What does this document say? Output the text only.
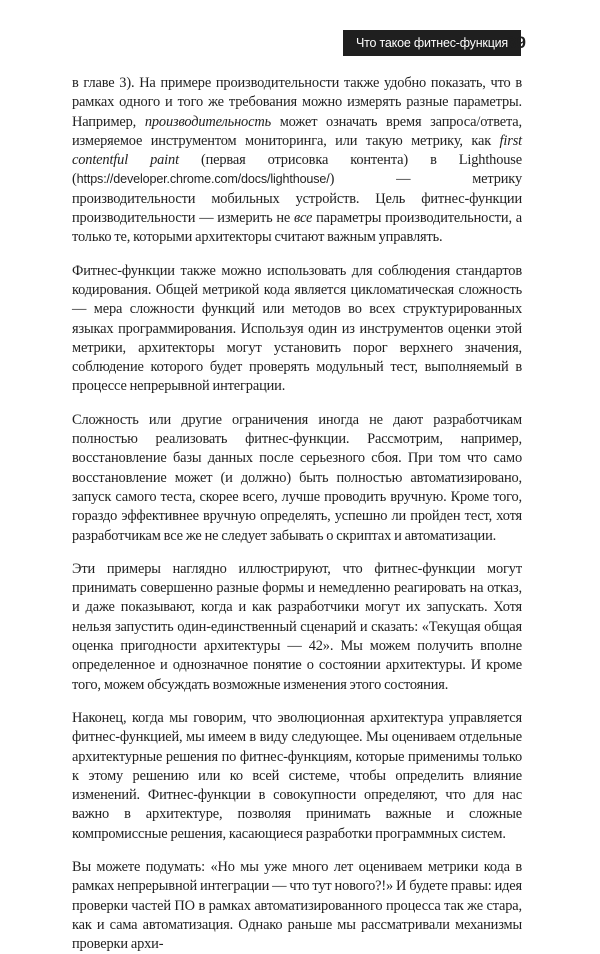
Что такое фитнес-функция 39

в главе 3). На примере производительности также удобно показать, что в рамках одного и того же требования можно измерять разные параметры. Например, производительность может означать время запроса/ответа, измеряемое инструментом мониторинга, или такую метрику, как first contentful paint (первая отрисовка контента) в Lighthouse (https://developer.chrome.com/docs/lighthouse/) — метрику производительности мобильных устройств. Цель фитнес-функции производительности — измерить не все параметры производительности, а только те, которыми архитекторы считают важным управлять.

Фитнес-функции также можно использовать для соблюдения стандартов кодирования. Общей метрикой кода является цикломатическая сложность — мера сложности функций или методов во всех структурированных языках программирования. Используя один из инструментов оценки этой метрики, архитекторы могут установить порог верхнего значения, соблюдение которого будет проверять модульный тест, выполняемый в процессе непрерывной интеграции.

Сложность или другие ограничения иногда не дают разработчикам полностью реализовать фитнес-функции. Рассмотрим, например, восстановление базы данных после серьезного сбоя. При том что само восстановление может (и должно) быть полностью автоматизировано, запуск самого теста, скорее всего, лучше проводить вручную. Кроме того, гораздо эффективнее вручную определять, успешно ли пройден тест, хотя разработчикам все же не следует забывать о скриптах и автоматизации.

Эти примеры наглядно иллюстрируют, что фитнес-функции могут принимать совершенно разные формы и немедленно реагировать на отказ, и даже показывают, когда и как разработчики могут их запускать. Хотя нельзя запустить один-единственный сценарий и сказать: «Текущая общая оценка пригодности архитектуры — 42». Мы можем получить вполне определенное и однозначное понятие о состоянии архитектуры. И кроме того, можем обсуждать возможные изменения этого состояния.

Наконец, когда мы говорим, что эволюционная архитектура управляется фитнес-функцией, мы имеем в виду следующее. Мы оцениваем отдельные архитектурные решения по фитнес-функциям, которые применимы только к этому решению или ко всей системе, чтобы определить влияние изменений. Фитнес-функции в совокупности определяют, что для нас важно в архитектуре, позволяя принимать важные и сложные компромиссные решения, касающиеся разработки программных систем.

Вы можете подумать: «Но мы уже много лет оцениваем метрики кода в рамках непрерывной интеграции — что тут нового?!» И будете правы: идея проверки частей ПО в рамках автоматизированного процесса так же стара, как и сама автоматизация. Однако раньше мы рассматривали механизмы проверки архи-
